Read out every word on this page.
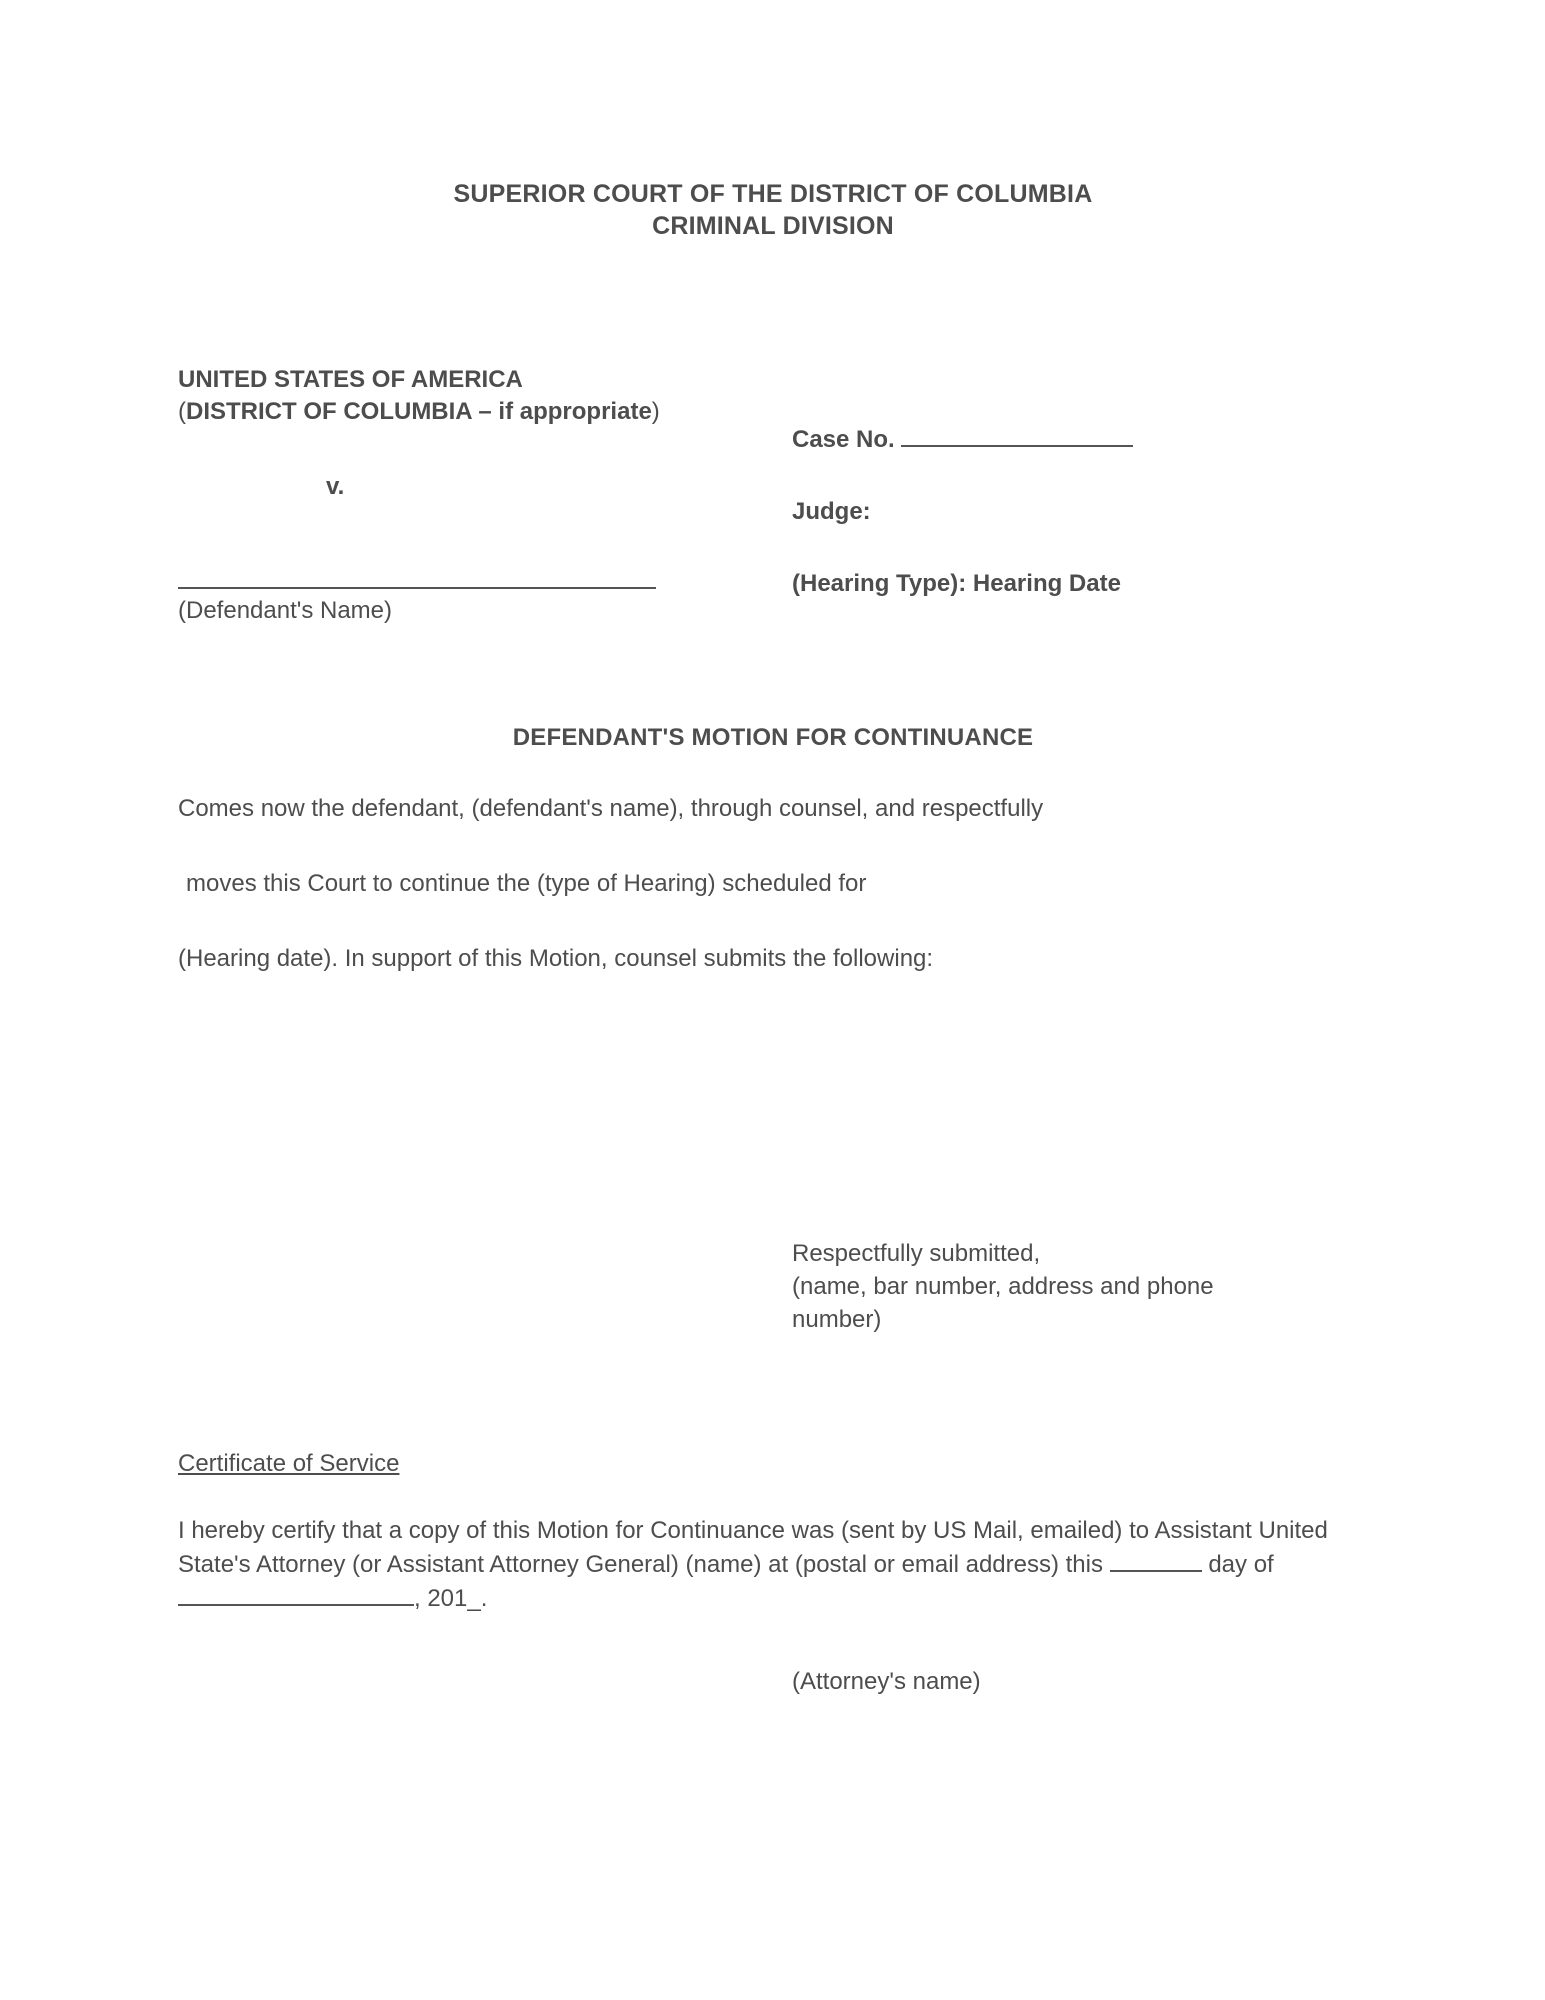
SUPERIOR COURT OF THE DISTRICT OF COLUMBIA
CRIMINAL DIVISION
UNITED STATES OF AMERICA
(DISTRICT OF COLUMBIA – if appropriate)
v.
(Defendant's Name)
Case No.
Judge:
(Hearing Type): Hearing Date
DEFENDANT'S MOTION FOR CONTINUANCE
Comes now the defendant, (defendant's name), through counsel, and respectfully
moves this Court to continue the (type of Hearing) scheduled for
(Hearing date). In support of this Motion, counsel submits the following:
Respectfully submitted,
(name, bar number, address and phone
number)
Certificate of Service
I hereby certify that a copy of this Motion for Continuance was (sent by US Mail, emailed) to Assistant United State's Attorney (or Assistant Attorney General) (name) at (postal or email address) this	day of , 201_.
(Attorney's name)
